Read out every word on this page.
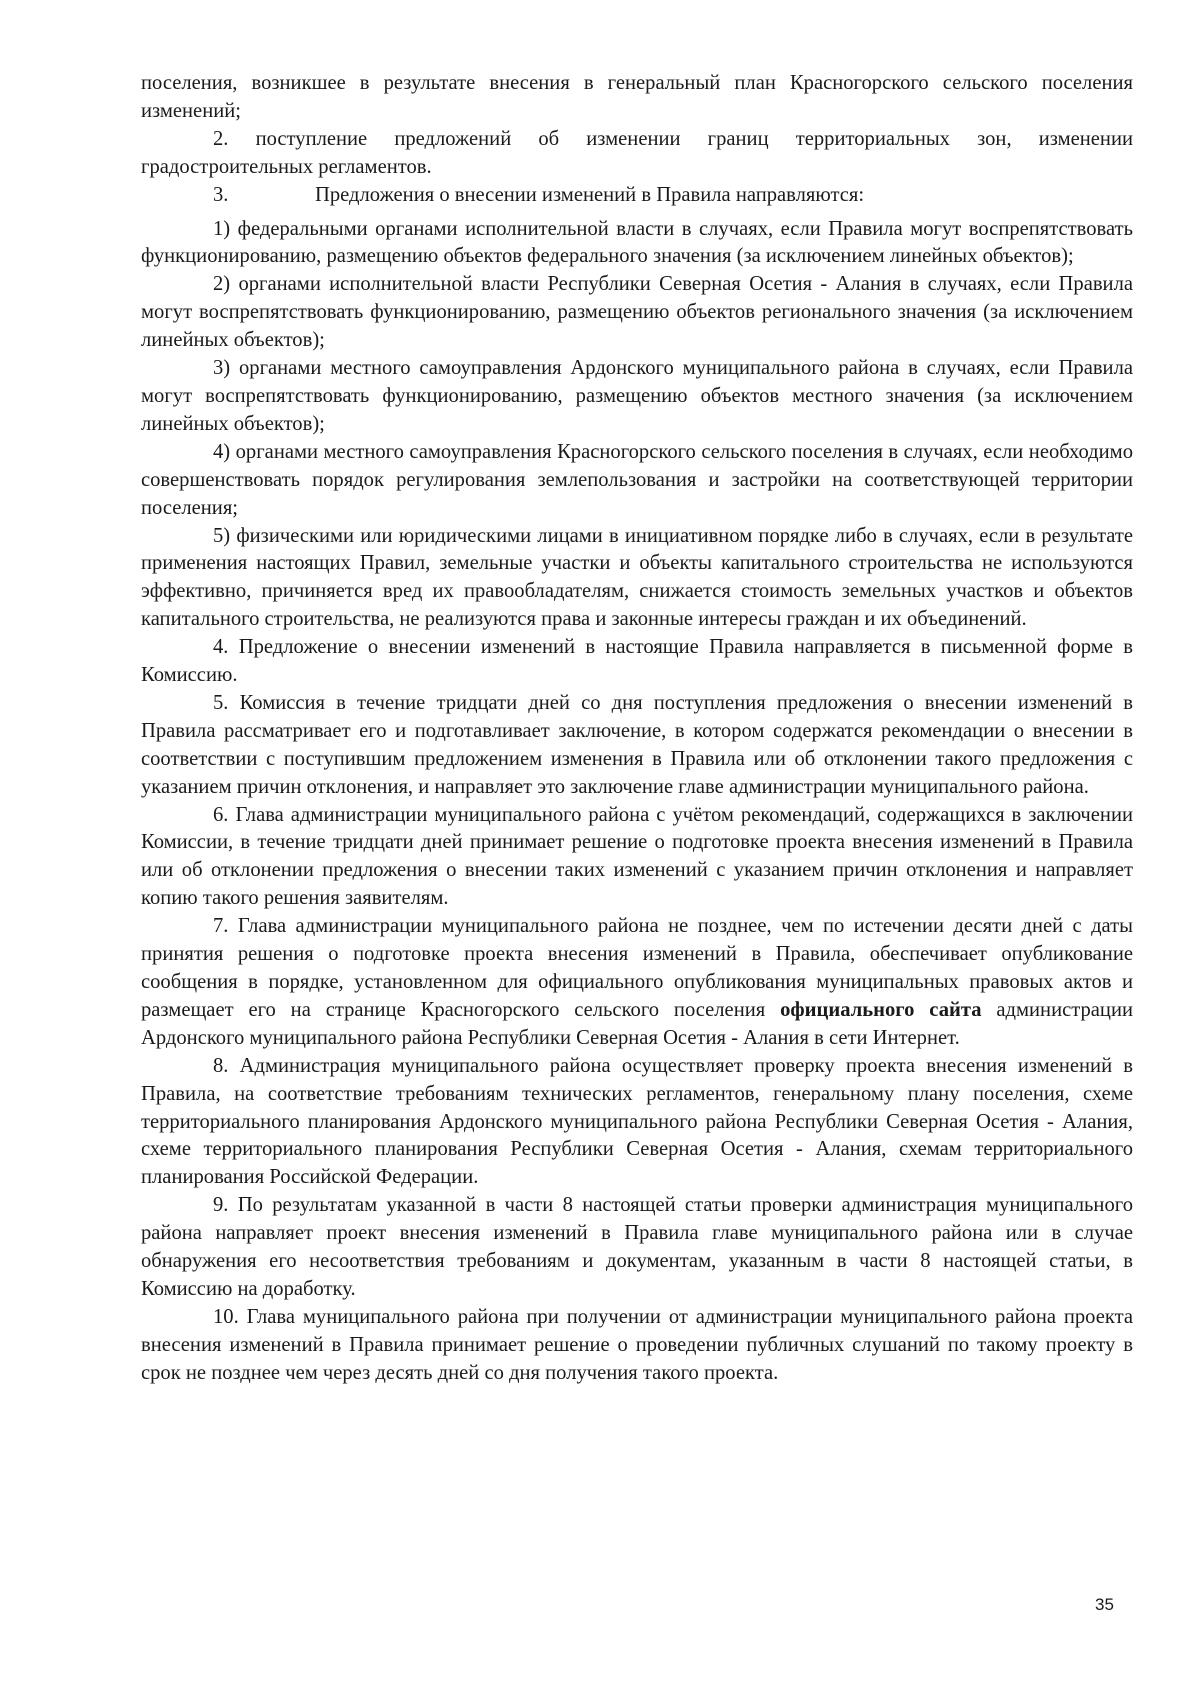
поселения, возникшее в результате внесения в генеральный план Красногорского сельского поселения изменений;

2. поступление предложений об изменении границ территориальных зон, изменении градостроительных регламентов.

3.	Предложения о внесении изменений в Правила направляются:

1) федеральными органами исполнительной власти в случаях, если Правила могут воспрепятствовать функционированию, размещению объектов федерального значения (за исключением линейных объектов);

2) органами исполнительной власти Республики Северная Осетия - Алания в случаях, если Правила могут воспрепятствовать функционированию, размещению объектов регионального значения (за исключением линейных объектов);

3) органами местного самоуправления Ардонского муниципального района в случаях, если Правила могут воспрепятствовать функционированию, размещению объектов местного значения (за исключением линейных объектов);

4) органами местного самоуправления Красногорского сельского поселения в случаях, если необходимо совершенствовать порядок регулирования землепользования и застройки на соответствующей территории поселения;

5) физическими или юридическими лицами в инициативном порядке либо в случаях, если в результате применения настоящих Правил, земельные участки и объекты капитального строительства не используются эффективно, причиняется вред их правообладателям, снижается стоимость земельных участков и объектов капитального строительства, не реализуются права и законные интересы граждан и их объединений.

4. Предложение о внесении изменений в настоящие Правила направляется в письменной форме в Комиссию.

5. Комиссия в течение тридцати дней со дня поступления предложения о внесении изменений в Правила рассматривает его и подготавливает заключение, в котором содержатся рекомендации о внесении в соответствии с поступившим предложением изменения в Правила или об отклонении такого предложения с указанием причин отклонения, и направляет это заключение главе администрации муниципального района.

6. Глава администрации муниципального района с учётом рекомендаций, содержащихся в заключении Комиссии, в течение тридцати дней принимает решение о подготовке проекта внесения изменений в Правила или об отклонении предложения о внесении таких изменений с указанием причин отклонения и направляет копию такого решения заявителям.

7. Глава администрации муниципального района не позднее, чем по истечении десяти дней с даты принятия решения о подготовке проекта внесения изменений в Правила, обеспечивает опубликование сообщения в порядке, установленном для официального опубликования муниципальных правовых актов и размещает его на странице Красногорского сельского поселения официального сайта администрации Ардонского муниципального района Республики Северная Осетия - Алания в сети Интернет.

8. Администрация муниципального района осуществляет проверку проекта внесения изменений в Правила, на соответствие требованиям технических регламентов, генеральному плану поселения, схеме территориального планирования Ардонского муниципального района Республики Северная Осетия - Алания, схеме территориального планирования Республики Северная Осетия - Алания, схемам территориального планирования Российской Федерации.

9. По результатам указанной в части 8 настоящей статьи проверки администрация муниципального района направляет проект внесения изменений в Правила главе муниципального района или в случае обнаружения его несоответствия требованиям и документам, указанным в части 8 настоящей статьи, в Комиссию на доработку.

10. Глава муниципального района при получении от администрации муниципального района проекта внесения изменений в Правила принимает решение о проведении публичных слушаний по такому проекту в срок не позднее чем через десять дней со дня получения такого проекта.

35
